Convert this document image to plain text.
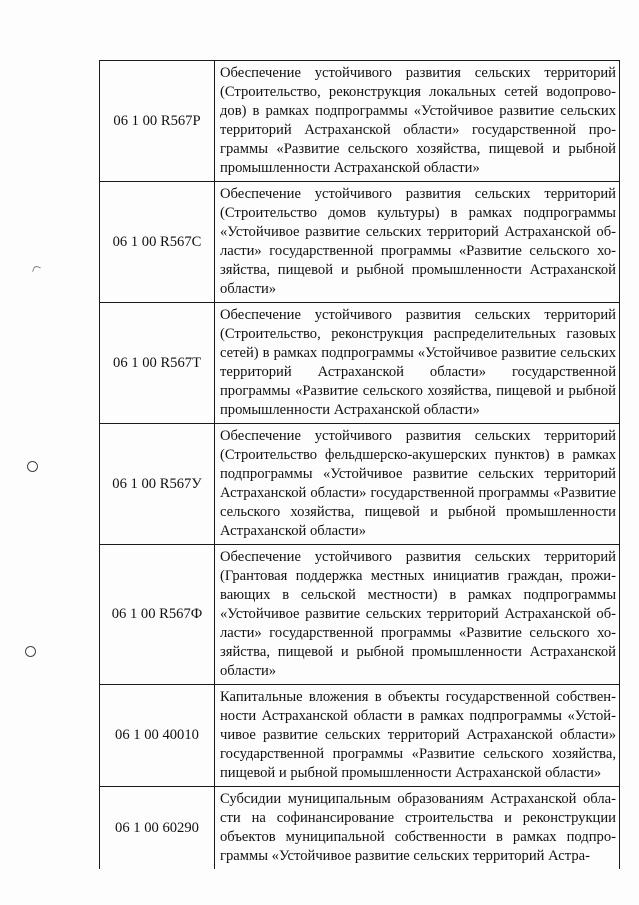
06 1 00 R567Р	Обеспечение устойчивого развития сельских территорий (Строительство, реконструкция локальных сетей водопроводов) в рамках подпрограммы «Устойчивое развитие сельских территорий Астраханской области» государственной программы «Развитие сельского хозяйства, пищевой и рыбной промышленности Астраханской области»
06 1 00 R567С	Обеспечение устойчивого развития сельских территорий (Строительство домов культуры) в рамках подпрограммы «Устойчивое развитие сельских территорий Астраханской области» государственной программы «Развитие сельского хозяйства, пищевой и рыбной промышленности Астраханской области»
06 1 00 R567Т	Обеспечение устойчивого развития сельских территорий (Строительство, реконструкция распределительных газовых сетей) в рамках подпрограммы «Устойчивое развитие сельских территорий Астраханской области» государственной программы «Развитие сельского хозяйства, пищевой и рыбной промышленности Астраханской области»
06 1 00 R567У	Обеспечение устойчивого развития сельских территорий (Строительство фельдшерско-акушерских пунктов) в рамках подпрограммы «Устойчивое развитие сельских территорий Астраханской области» государственной программы «Развитие сельского хозяйства, пищевой и рыбной промышленности Астраханской области»
06 1 00 R567Ф	Обеспечение устойчивого развития сельских территорий (Грантовая поддержка местных инициатив граждан, проживающих в сельской местности) в рамках подпрограммы «Устойчивое развитие сельских территорий Астраханской области» государственной программы «Развитие сельского хозяйства, пищевой и рыбной промышленности Астраханской области»
06 1 00 40010	Капитальные вложения в объекты государственной собственности Астраханской области в рамках подпрограммы «Устойчивое развитие сельских территорий Астраханской области» государственной программы «Развитие сельского хозяйства, пищевой и рыбной промышленности Астраханской области»
06 1 00 60290	Субсидии муниципальным образованиям Астраханской области на софинансирование строительства и реконструкции объектов муниципальной собственности в рамках подпрограммы «Устойчивое развитие сельских территорий Астра-
